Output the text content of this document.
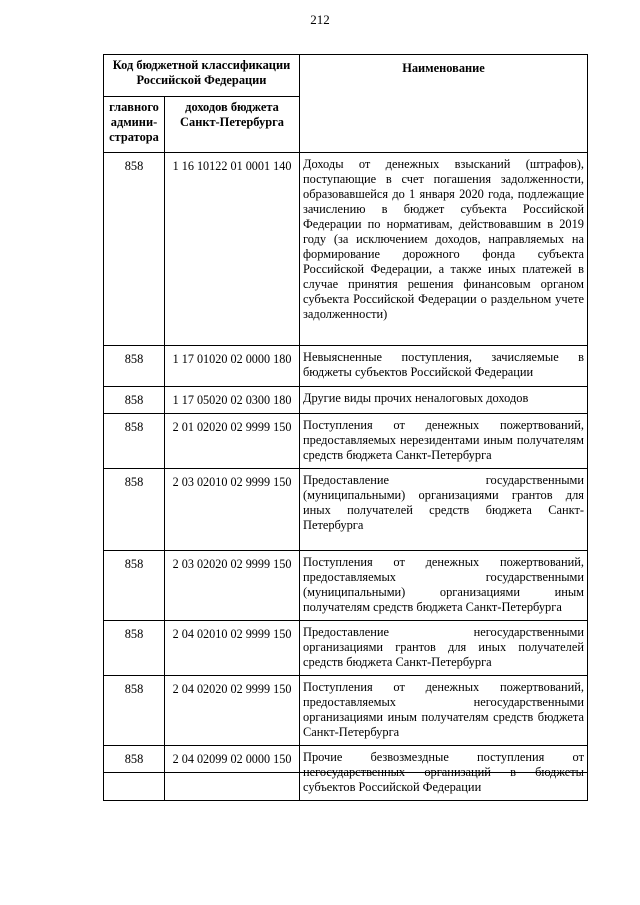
212
Код бюджетной классификации Российской Федерации		Наименование
главного админи-стратора	доходов бюджета Санкт-Петербурга	
858	1 16 10122 01 0001 140	Доходы от денежных взысканий (штрафов), поступающие в счет погашения задолженности, образовавшейся до 1 января 2020 года, подлежащие зачислению в бюджет субъекта Российской Федерации по нормативам, действовавшим в 2019 году (за исключением доходов, направляемых на формирование дорожного фонда субъекта Российской Федерации, а также иных платежей в случае принятия решения финансовым органом субъекта Российской Федерации о раздельном учете задолженности)
858	1 17 01020 02 0000 180	Невыясненные поступления, зачисляемые в бюджеты субъектов Российской Федерации
858	1 17 05020 02 0300 180	Другие виды прочих неналоговых доходов
858	2 01 02020 02 9999 150	Поступления от денежных пожертвований, предоставляемых нерезидентами иным получателям средств бюджета Санкт-Петербурга
858	2 03 02010 02 9999 150	Предоставление государственными (муниципальными) организациями грантов для иных получателей средств бюджета Санкт-Петербурга
858	2 03 02020 02 9999 150	Поступления от денежных пожертвований, предоставляемых государственными (муниципальными) организациями иным получателям средств бюджета Санкт-Петербурга
858	2 04 02010 02 9999 150	Предоставление негосударственными организациями грантов для иных получателей средств бюджета Санкт-Петербурга
858	2 04 02020 02 9999 150	Поступления от денежных пожертвований, предоставляемых негосударственными организациями иным получателям средств бюджета Санкт-Петербурга
858	2 04 02099 02 0000 150	Прочие безвозмездные поступления от негосударственных организаций в бюджеты субъектов Российской Федерации
